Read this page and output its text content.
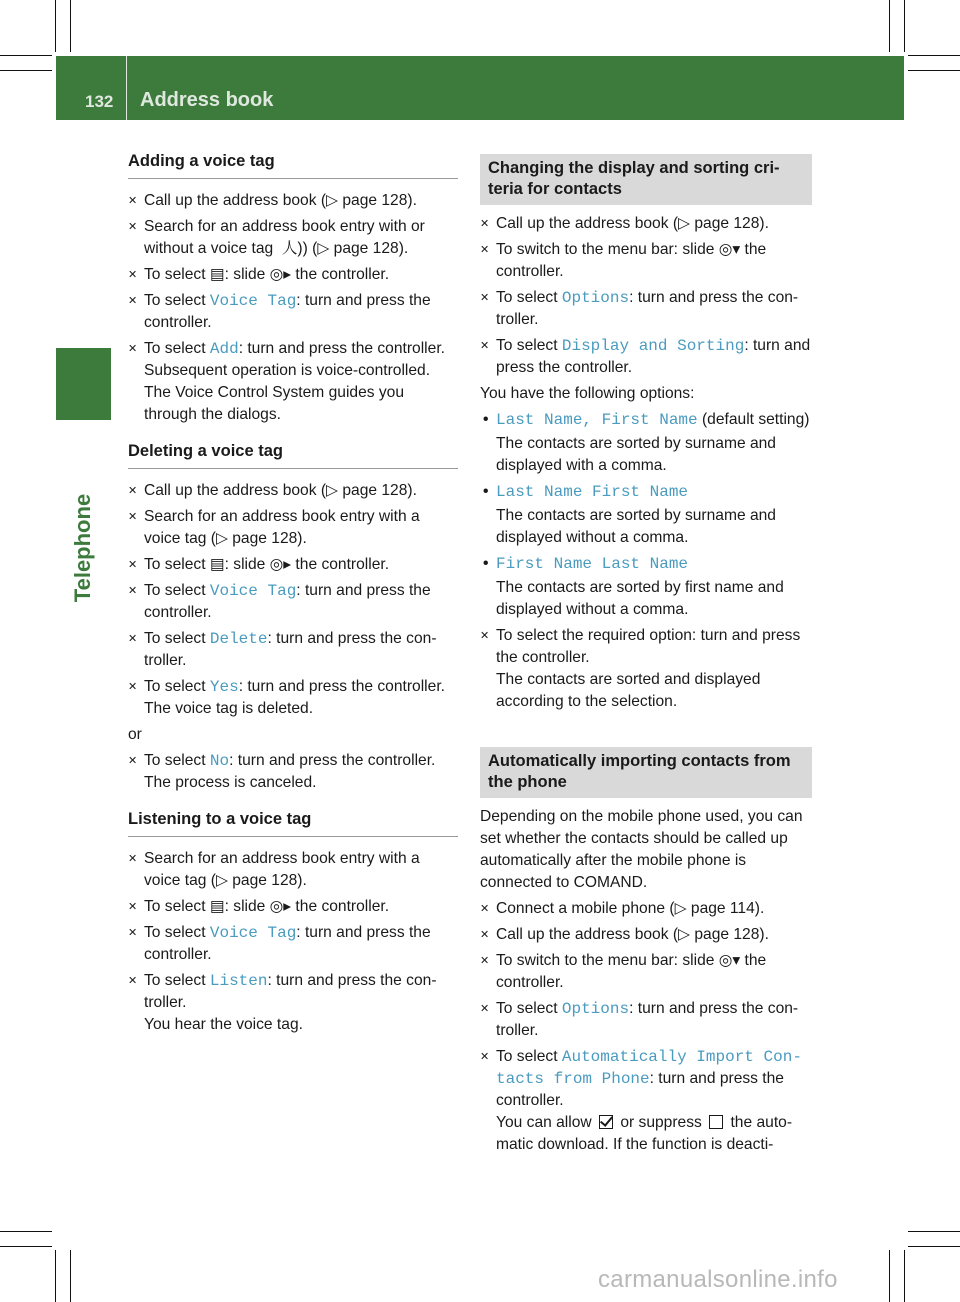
132 Address book
Telephone
Adding a voice tag
✕ Call up the address book (▷ page 128).
✕ Search for an address book entry with or
without a voice tag  ⼈)) (▷ page 128).
✕ To select ▤: slide ◎▸ the controller.
✕ To select Voice Tag: turn and press the controller.
✕ To select Add: turn and press the controller.
Subsequent operation is voice-controlled.
The Voice Control System guides you
through the dialogs.
Deleting a voice tag
✕ Call up the address book (▷ page 128).
✕ Search for an address book entry with a voice tag (▷ page 128).
✕ To select ▤: slide ◎▸ the controller.
✕ To select Voice Tag: turn and press the controller.
✕ To select Delete: turn and press the con-troller.
✕ To select Yes: turn and press the controller.
The voice tag is deleted.
or
✕ To select No: turn and press the controller.
The process is canceled.
Listening to a voice tag
✕ Search for an address book entry with a voice tag (▷ page 128).
✕ To select ▤: slide ◎▸ the controller.
✕ To select Voice Tag: turn and press the controller.
✕ To select Listen: turn and press the con-troller.
You hear the voice tag.
Changing the display and sorting cri-teria for contacts
✕ Call up the address book (▷ page 128).
✕ To switch to the menu bar: slide ◎▾ the controller.
✕ To select Options: turn and press the con-troller.
✕ To select Display and Sorting: turn and press the controller.
You have the following options:
• Last Name, First Name (default setting)
The contacts are sorted by surname and displayed with a comma.
• Last Name First Name
The contacts are sorted by surname and displayed without a comma.
• First Name Last Name
The contacts are sorted by first name and displayed without a comma.
✕ To select the required option: turn and press the controller.
The contacts are sorted and displayed according to the selection.
Automatically importing contacts from the phone
Depending on the mobile phone used, you can set whether the contacts should be called up automatically after the mobile phone is connected to COMAND.
✕ Connect a mobile phone (▷ page 114).
✕ Call up the address book (▷ page 128).
✕ To switch to the menu bar: slide ◎▾ the controller.
✕ To select Options: turn and press the con-troller.
✕ To select Automatically Import Con‐ tacts from Phone: turn and press the controller.
You can allow  or suppress  the auto-matic download. If the function is deacti-
carmanualsonline.info
